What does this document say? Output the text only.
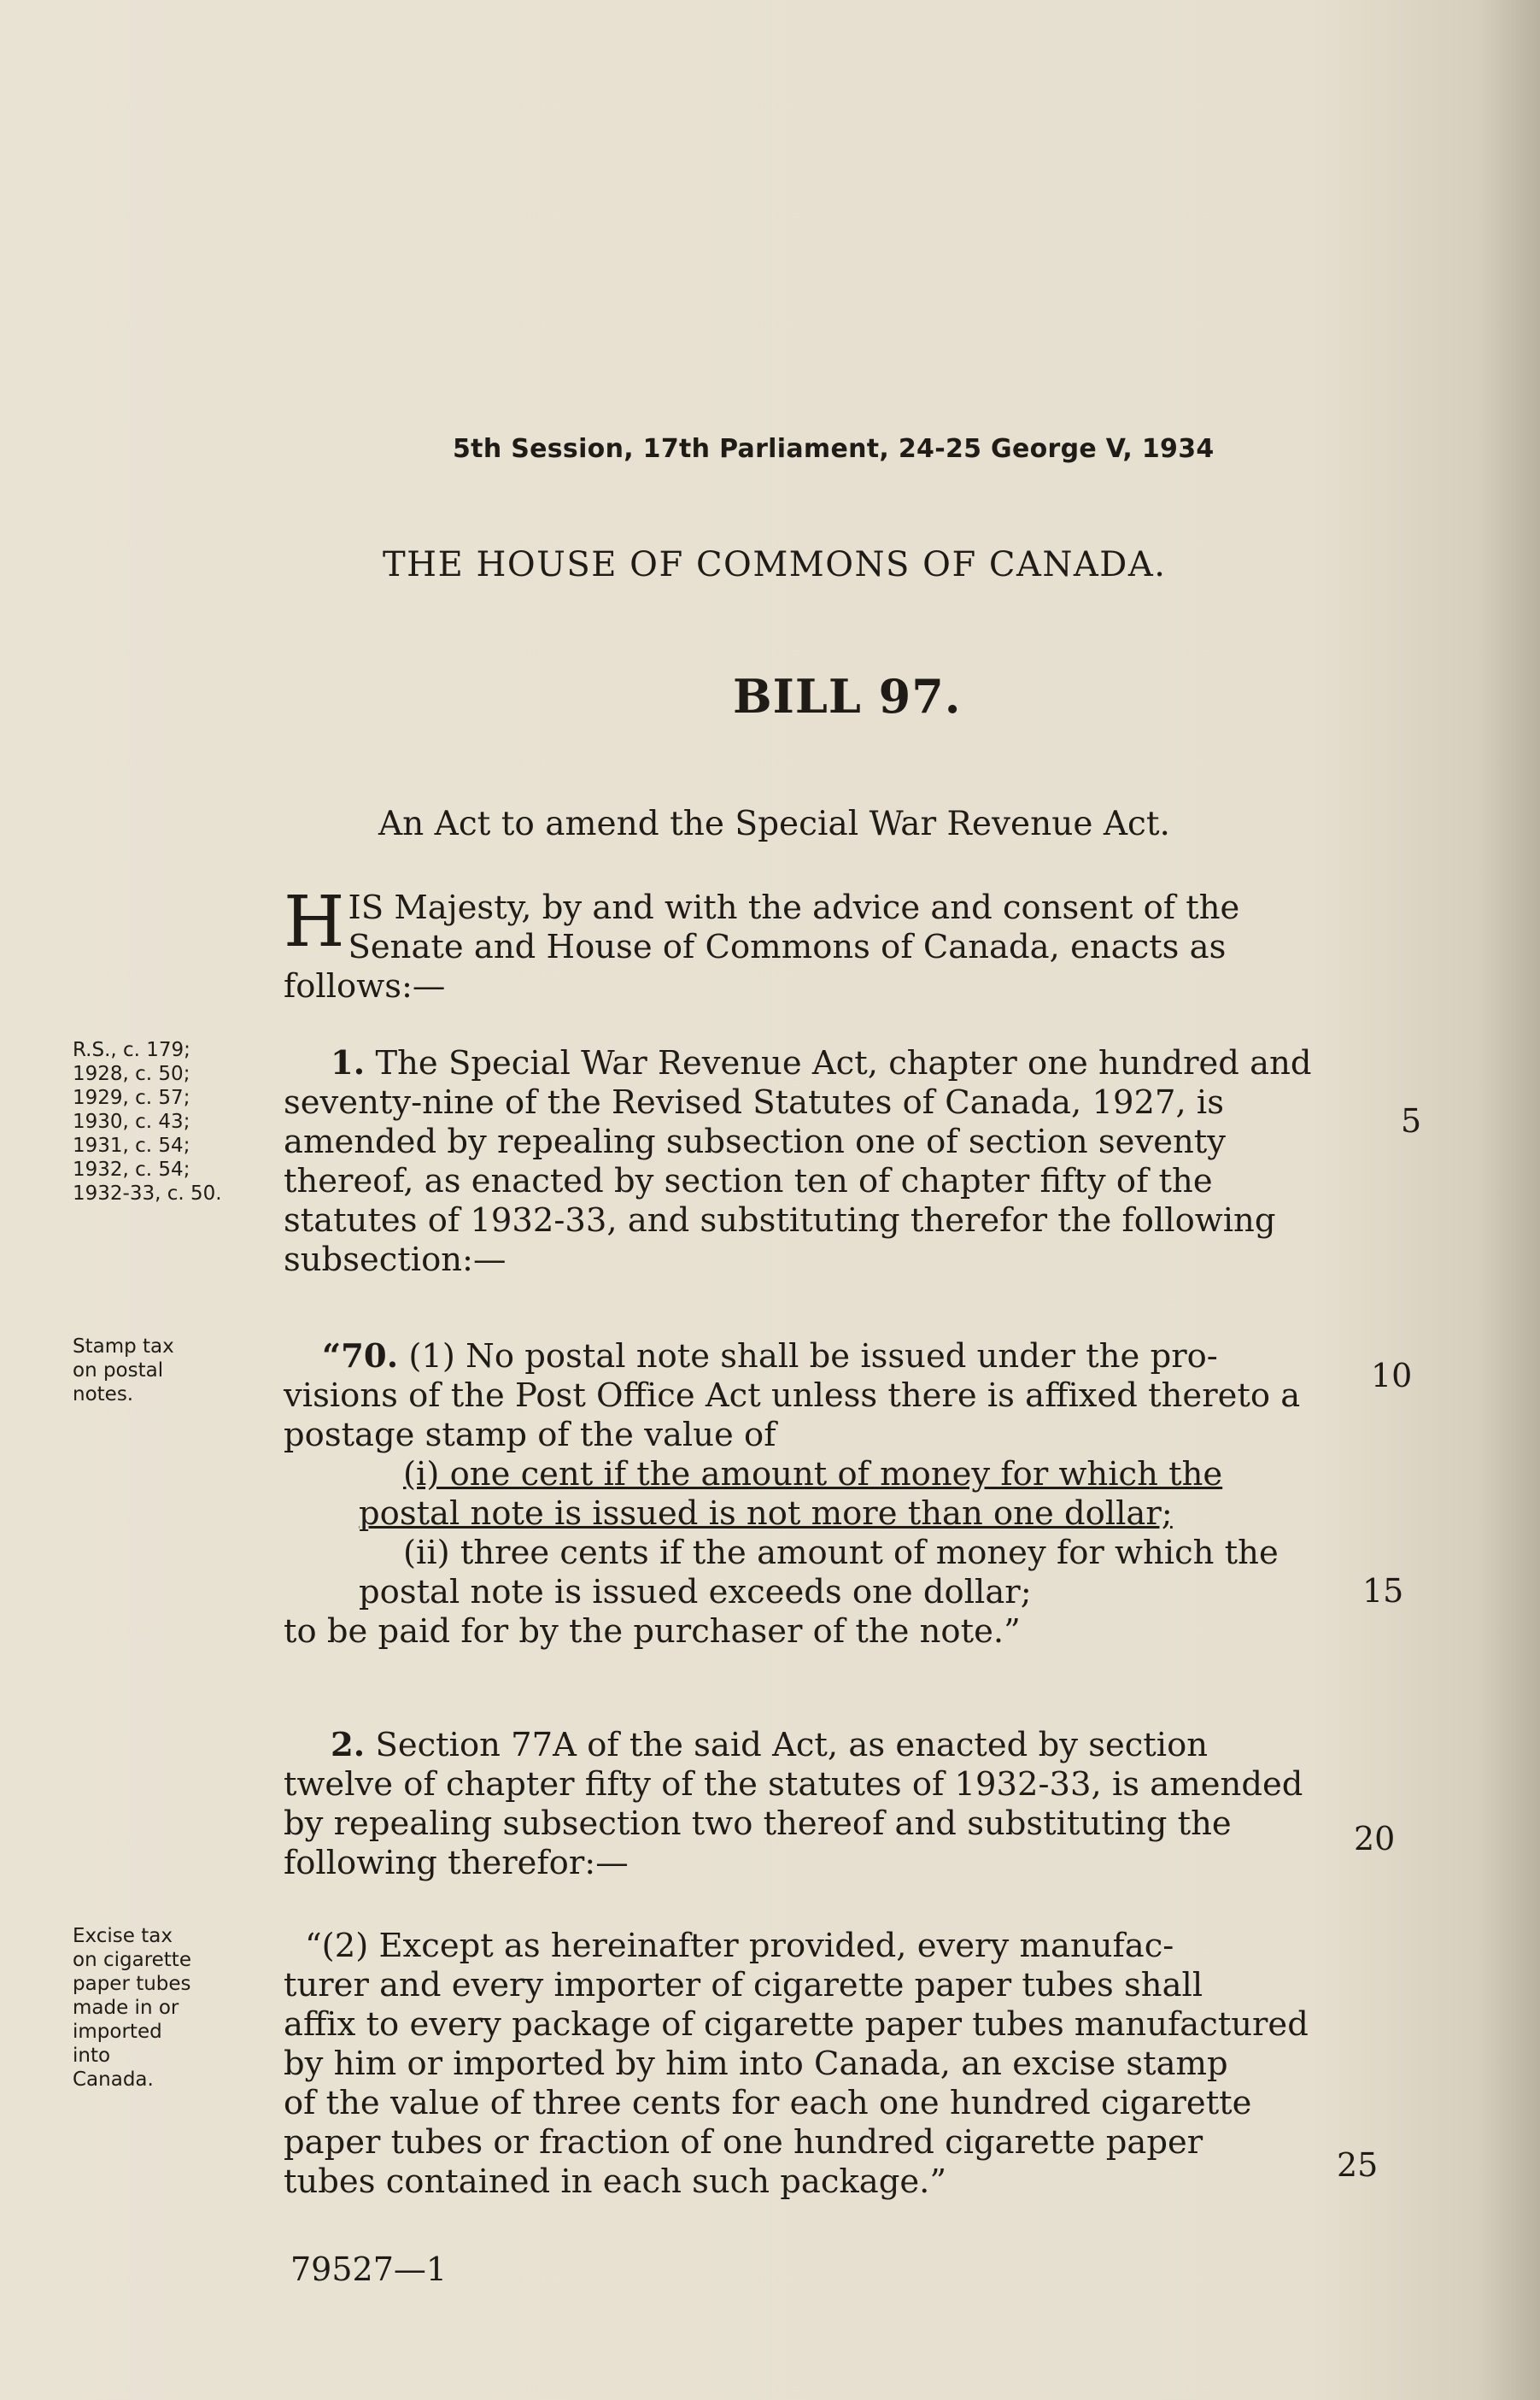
5th Session, 17th Parliament, 24-25 George V, 1934
THE HOUSE OF COMMONS OF CANADA.
BILL 97.
An Act to amend the Special War Revenue Act.
H IS Majesty, by and with the advice and consent of the
Senate and House of Commons of Canada, enacts as
follows:—
R.S., c. 179;
1928, c. 50;
1929, c. 57;
1930, c. 43;
1931, c. 54;
1932, c. 54;
1932-33, c. 50.
1. The Special War Revenue Act, chapter one hundred and
seventy-nine of the Revised Statutes of Canada, 1927, is
amended by repealing subsection one of section seventy
thereof, as enacted by section ten of chapter fifty of the
statutes of 1932-33, and substituting therefor the following
subsection:—
Stamp tax
on postal
notes.
“70. (1) No postal note shall be issued under the pro-
visions of the Post Office Act unless there is affixed thereto a
postage stamp of the value of
(i) one cent if the amount of money for which the
postal note is issued is not more than one dollar;
(ii) three cents if the amount of money for which the
postal note is issued exceeds one dollar;
to be paid for by the purchaser of the note.”
2. Section 77A of the said Act, as enacted by section
twelve of chapter fifty of the statutes of 1932-33, is amended
by repealing subsection two thereof and substituting the
following therefor:—
Excise tax
on cigarette
paper tubes
made in or
imported
into
Canada.
“(2) Except as hereinafter provided, every manufac-
turer and every importer of cigarette paper tubes shall
affix to every package of cigarette paper tubes manufactured
by him or imported by him into Canada, an excise stamp
of the value of three cents for each one hundred cigarette
paper tubes or fraction of one hundred cigarette paper
tubes contained in each such package.”
5
10
15
20
25
79527—1
